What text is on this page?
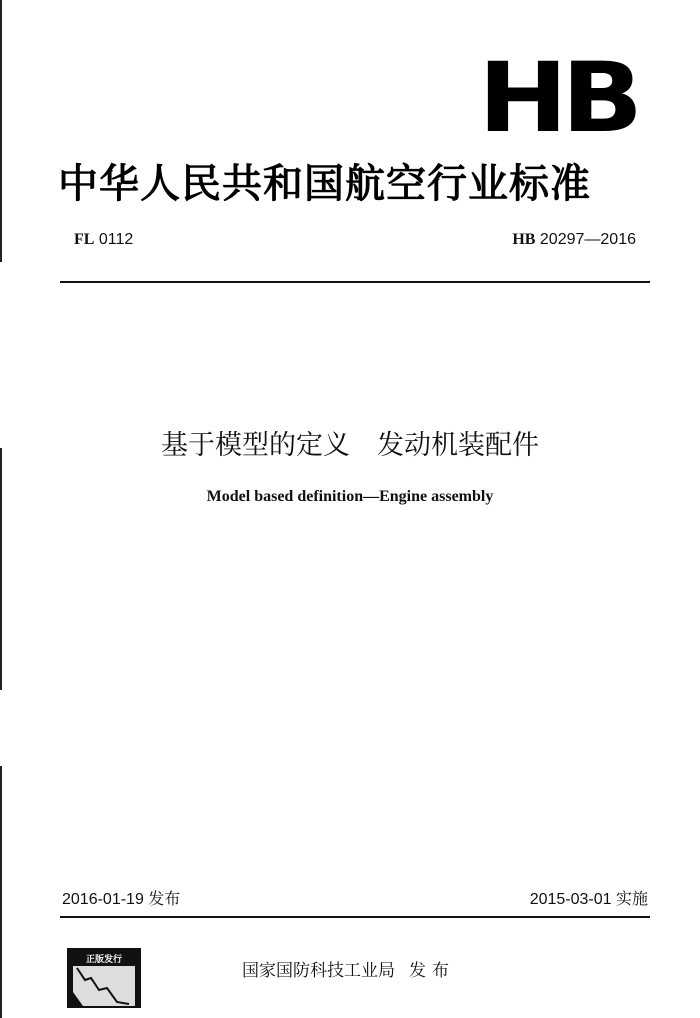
HB
中华人民共和国航空行业标准
FL 0112	HB 20297—2016
基于模型的定义　发动机装配件
Model based definition—Engine assembly
2016-01-19 发布	2015-03-01 实施
正版发行
国家国防科技工业局 发布
